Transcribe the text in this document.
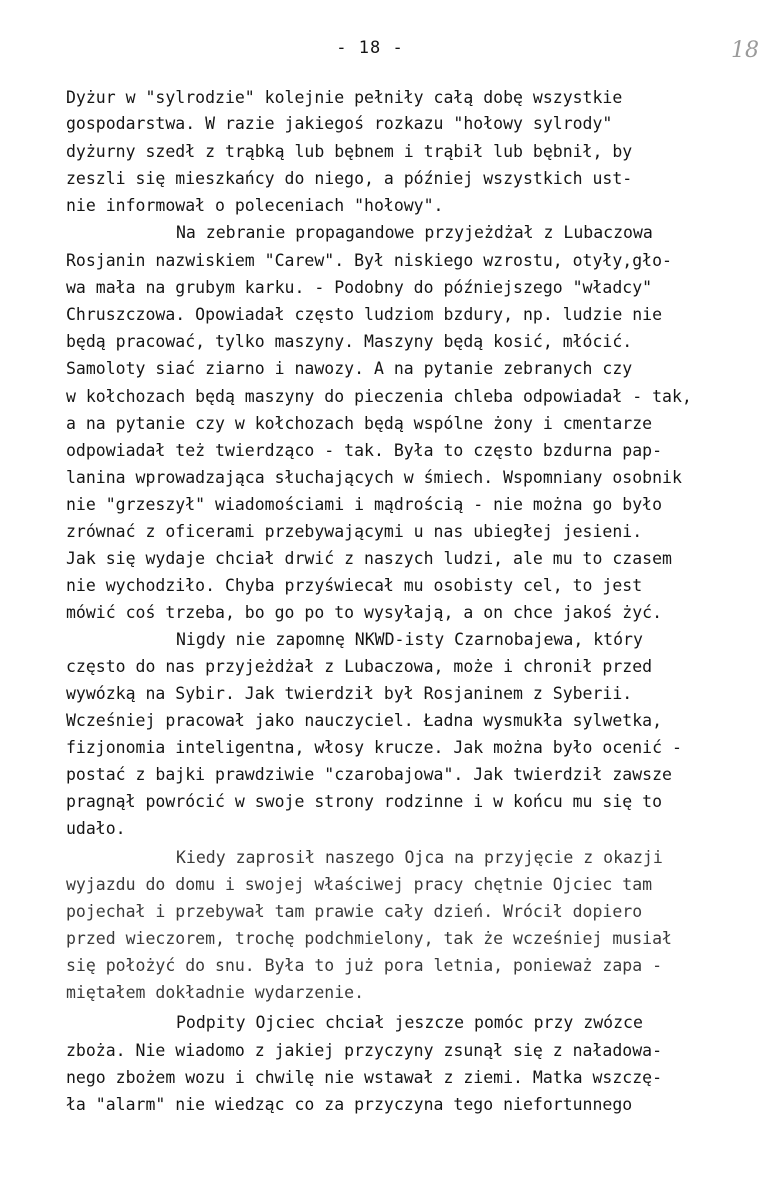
- 18 -	18
Dyżur w "sylrodzie" kolejnie pełniły całą dobę wszystkie
gospodarstwa. W razie jakiegoś rozkazu "hołowy sylrody"
dyżurny szedł z trąbką lub bębnem i trąbił lub bębnił, by
zeszli się mieszkańcy do niego, a później wszystkich ust-
nie informował o poleceniach "hołowy".
Na zebranie propagandowe przyjeżdżał z Lubaczowa
Rosjanin nazwiskiem "Carew". Był niskiego wzrostu, otyły,gło-
wa mała na grubym karku. - Podobny do późniejszego "władcy"
Chruszczowa. Opowiadał często ludziom bzdury, np. ludzie nie
będą pracować, tylko maszyny. Maszyny będą kosić, młócić.
Samoloty siać ziarno i nawozy. A na pytanie zebranych czy
w kołchozach będą maszyny do pieczenia chleba odpowiadał - tak,
a na pytanie czy w kołchozach będą wspólne żony i cmentarze
odpowiadał też twierdząco - tak. Była to często bzdurna pap-
lanina wprowadzająca słuchających w śmiech. Wspomniany osobnik
nie "grzeszył" wiadomościami i mądrością - nie można go było
zrównać z oficerami przebywającymi u nas ubiegłej jesieni.
Jak się wydaje chciał drwić z naszych ludzi, ale mu to czasem
nie wychodziło. Chyba przyświecał mu osobisty cel, to jest
mówić coś trzeba, bo go po to wysyłają, a on chce jakoś żyć.
Nigdy nie zapomnę NKWD-isty Czarnobajewa, który
często do nas przyjeżdżał z Lubaczowa, może i chronił przed
wywózką na Sybir. Jak twierdził był Rosjaninem z Syberii.
Wcześniej pracował jako nauczyciel. Ładna wysmukła sylwetka,
fizjonomia inteligentna, włosy krucze. Jak można było ocenić -
postać z bajki prawdziwie "czarobajowa". Jak twierdził zawsze
pragnął powrócić w swoje strony rodzinne i w końcu mu się to
udało.
Kiedy zaprosił naszego Ojca na przyjęcie z okazji
wyjazdu do domu i swojej właściwej pracy chętnie Ojciec tam
pojechał i przebywał tam prawie cały dzień. Wrócił dopiero
przed wieczorem, trochę podchmielony, tak że wcześniej musiał
się położyć do snu. Była to już pora letnia, ponieważ zapa -
miętałem dokładnie wydarzenie.
Podpity Ojciec chciał jeszcze pomóc przy zwózce
zboża. Nie wiadomo z jakiej przyczyny zsunął się z naładowa-
nego zbożem wozu i chwilę nie wstawał z ziemi. Matka wszczę-
ła "alarm" nie wiedząc co za przyczyna tego niefortunnego
